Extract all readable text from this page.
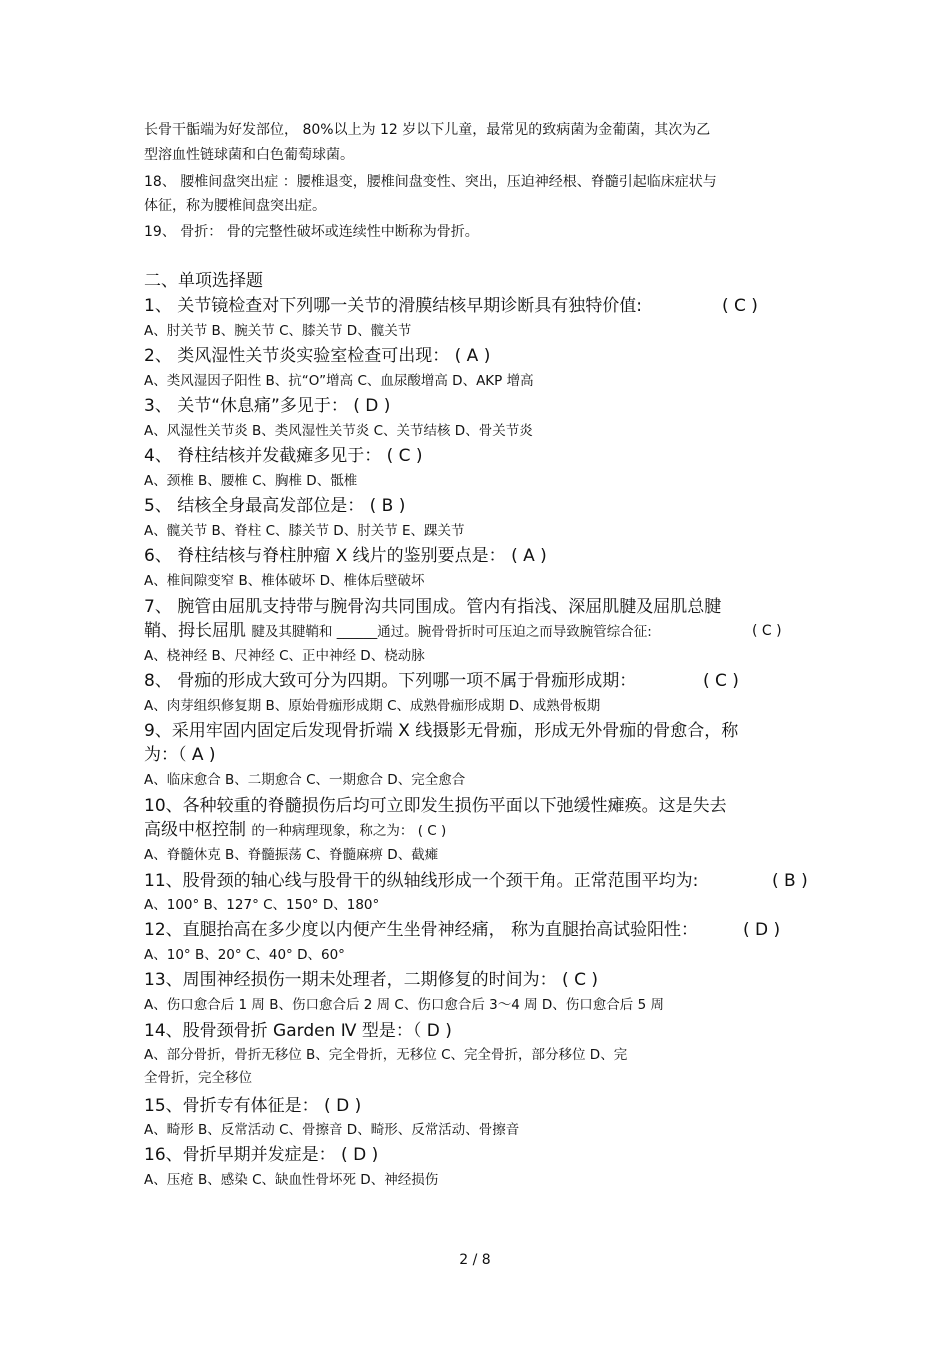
长骨干骺端为好发部位， 80%以上为 12 岁以下儿童，最常见的致病菌为金葡菌，其次为乙
型溶血性链球菌和白色葡萄球菌。
18、 腰椎间盘突出症 ：腰椎退变，腰椎间盘变性、突出，压迫神经根、脊髓引起临床症状与
体征，称为腰椎间盘突出症。
19、 骨折： 骨的完整性破坏或连续性中断称为骨折。
二、单项选择题
1、 关节镜检查对下列哪一关节的滑膜结核早期诊断具有独特价值:	( C )
A、肘关节 B、腕关节 C、膝关节 D、髋关节
2、 类风湿性关节炎实验室检查可出现： ( A )
A、类风湿因子阳性 B、抗“O”增高 C、血尿酸增高 D、AKP 增高
3、 关节“休息痛”多见于： ( D )
A、风湿性关节炎 B、类风湿性关节炎 C、关节结核 D、骨关节炎
4、 脊柱结核并发截瘫多见于： ( C )
A、颈椎 B、腰椎 C、胸椎 D、骶椎
5、 结核全身最高发部位是： ( B )
A、髋关节 B、脊柱 C、膝关节 D、肘关节 E、踝关节
6、 脊柱结核与脊柱肿瘤 X 线片的鉴别要点是： ( A )
A、椎间隙变窄 B、椎体破坏 D、椎体后壁破坏
7、 腕管由屈肌支持带与腕骨沟共同围成。管内有指浅、深屈肌腱及屈肌总腱
鞘、拇长屈肌 腱及其腱鞘和 ______通过。腕骨骨折时可压迫之而导致腕管综合征:	( C )
A、桡神经 B、尺神经 C、正中神经 D、桡动脉
8、 骨痂的形成大致可分为四期。下列哪一项不属于骨痂形成期：	( C )
A、肉芽组织修复期 B、原始骨痂形成期 C、成熟骨痂形成期 D、成熟骨板期
9、采用牢固内固定后发现骨折端 X 线摄影无骨痂，形成无外骨痂的骨愈合，称
为：（ A )
A、临床愈合 B、二期愈合 C、一期愈合 D、完全愈合
10、各种较重的脊髓损伤后均可立即发生损伤平面以下弛缓性瘫痪。这是失去
高级中枢控制 的一种病理现象，称之为： ( C )
A、脊髓休克 B、脊髓振荡 C、脊髓麻痹 D、截瘫
11、股骨颈的轴心线与股骨干的纵轴线形成一个颈干角。正常范围平均为:	( B )
A、100° B、127° C、150° D、180°
12、直腿抬高在多少度以内便产生坐骨神经痛， 称为直腿抬高试验阳性：	( D )
A、10° B、20° C、40° D、60°
13、周围神经损伤一期未处理者，二期修复的时间为： ( C )
A、伤口愈合后 1 周 B、伤口愈合后 2 周 C、伤口愈合后 3～4 周 D、伤口愈合后 5 周
14、股骨颈骨折 Garden Ⅳ 型是：（ D )
A、部分骨折，骨折无移位 B、完全骨折，无移位 C、完全骨折，部分移位 D、完
全骨折，完全移位
15、骨折专有体征是： ( D )
A、畸形 B、反常活动 C、骨擦音 D、畸形、反常活动、骨擦音
16、骨折早期并发症是： ( D )
A、压疮 B、感染 C、缺血性骨坏死 D、神经损伤
2 / 8
